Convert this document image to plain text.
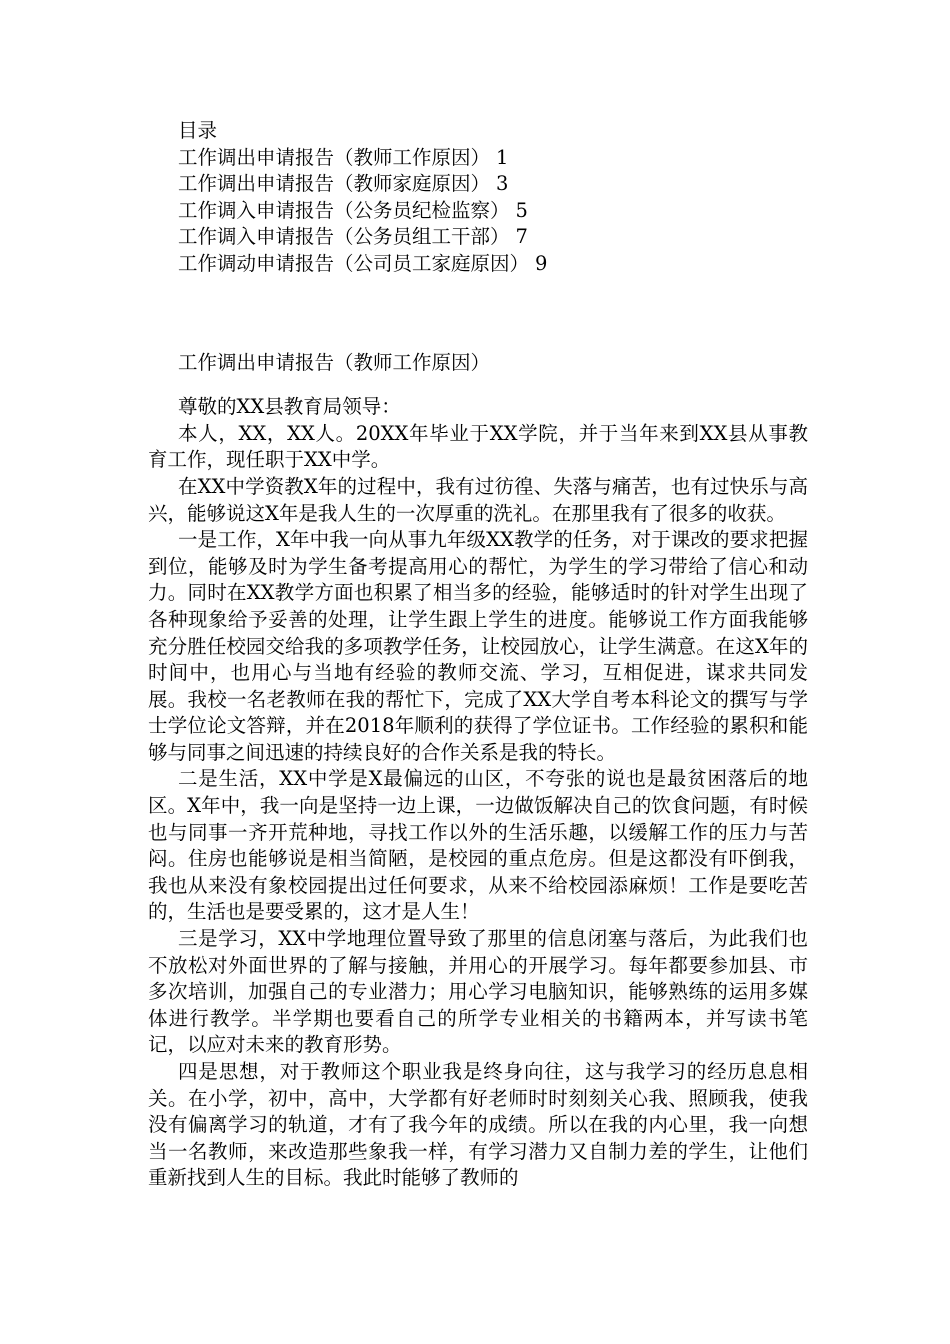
目录
工作调出申请报告（教师工作原因） 1
工作调出申请报告（教师家庭原因） 3
工作调入申请报告（公务员纪检监察） 5
工作调入申请报告（公务员组工干部） 7
工作调动申请报告（公司员工家庭原因） 9
工作调出申请报告（教师工作原因）

尊敬的XX县教育局领导：

本人，XX，XX人。20XX年毕业于XX学院，并于当年来到XX县从事教育工作，现任职于XX中学。

在XX中学资教X年的过程中，我有过彷徨、失落与痛苦，也有过快乐与高兴，能够说这X年是我人生的一次厚重的洗礼。在那里我有了很多的收获。

一是工作，X年中我一向从事九年级XX教学的任务，对于课改的要求把握到位，能够及时为学生备考提高用心的帮忙，为学生的学习带给了信心和动力。同时在XX教学方面也积累了相当多的经验，能够适时的针对学生出现了各种现象给予妥善的处理，让学生跟上学生的进度。能够说工作方面我能够充分胜任校园交给我的多项教学任务，让校园放心，让学生满意。在这X年的时间中，也用心与当地有经验的教师交流、学习，互相促进，谋求共同发展。我校一名老教师在我的帮忙下，完成了XX大学自考本科论文的撰写与学士学位论文答辩，并在2018年顺利的获得了学位证书。工作经验的累积和能够与同事之间迅速的持续良好的合作关系是我的特长。

二是生活，XX中学是X最偏远的山区，不夸张的说也是最贫困落后的地区。X年中，我一向是坚持一边上课，一边做饭解决自己的饮食问题，有时候也与同事一齐开荒种地，寻找工作以外的生活乐趣，以缓解工作的压力与苦闷。住房也能够说是相当简陋，是校园的重点危房。但是这都没有吓倒我，我也从来没有象校园提出过任何要求，从来不给校园添麻烦！工作是要吃苦的，生活也是要受累的，这才是人生！

三是学习，XX中学地理位置导致了那里的信息闭塞与落后，为此我们也不放松对外面世界的了解与接触，并用心的开展学习。每年都要参加县、市多次培训，加强自己的专业潜力；用心学习电脑知识，能够熟练的运用多媒体进行教学。半学期也要看自己的所学专业相关的书籍两本，并写读书笔记，以应对未来的教育形势。

四是思想，对于教师这个职业我是终身向往，这与我学习的经历息息相关。在小学，初中，高中，大学都有好老师时时刻刻关心我、照顾我，使我没有偏离学习的轨道，才有了我今年的成绩。所以在我的内心里，我一向想当一名教师，来改造那些象我一样，有学习潜力又自制力差的学生，让他们重新找到人生的目标。我此时能够了教师的
